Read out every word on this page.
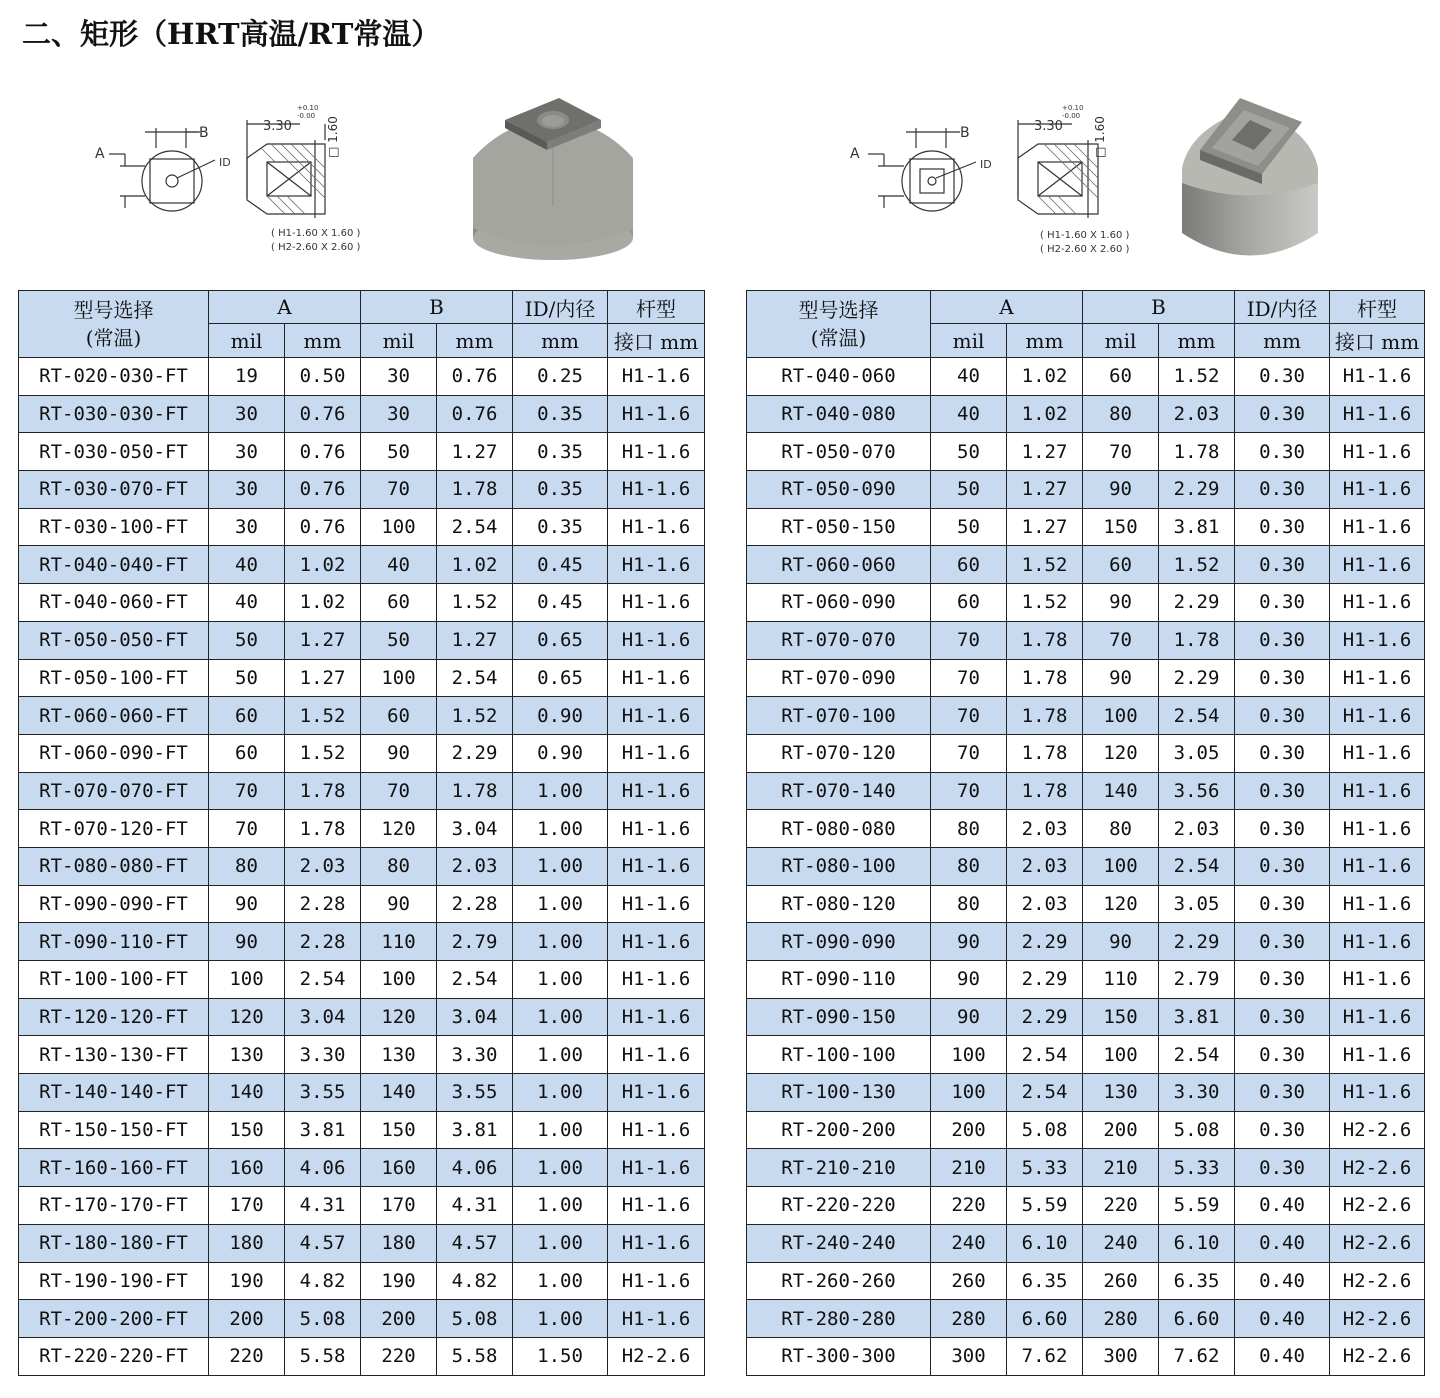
二、矩形（HRT高温/RT常温）
A
B
ID
3.30
+0.10
-0.00
□ 1.60
( H1-1.60 X 1.60 )
( H2-2.60 X 2.60 )
A
B
ID
3.30
+0.10
-0.00
□ 1.60
( H1-1.60 X 1.60 )
( H2-2.60 X 2.60 )
型号选择
(常温)	A		B		ID/内径	杆型
	mil	mm	mil	mm	mm	接口 mm
RT-020-030-FT	19	0.50	30	0.76	0.25	H1-1.6
RT-030-030-FT	30	0.76	30	0.76	0.35	H1-1.6
RT-030-050-FT	30	0.76	50	1.27	0.35	H1-1.6
RT-030-070-FT	30	0.76	70	1.78	0.35	H1-1.6
RT-030-100-FT	30	0.76	100	2.54	0.35	H1-1.6
RT-040-040-FT	40	1.02	40	1.02	0.45	H1-1.6
RT-040-060-FT	40	1.02	60	1.52	0.45	H1-1.6
RT-050-050-FT	50	1.27	50	1.27	0.65	H1-1.6
RT-050-100-FT	50	1.27	100	2.54	0.65	H1-1.6
RT-060-060-FT	60	1.52	60	1.52	0.90	H1-1.6
RT-060-090-FT	60	1.52	90	2.29	0.90	H1-1.6
RT-070-070-FT	70	1.78	70	1.78	1.00	H1-1.6
RT-070-120-FT	70	1.78	120	3.04	1.00	H1-1.6
RT-080-080-FT	80	2.03	80	2.03	1.00	H1-1.6
RT-090-090-FT	90	2.28	90	2.28	1.00	H1-1.6
RT-090-110-FT	90	2.28	110	2.79	1.00	H1-1.6
RT-100-100-FT	100	2.54	100	2.54	1.00	H1-1.6
RT-120-120-FT	120	3.04	120	3.04	1.00	H1-1.6
RT-130-130-FT	130	3.30	130	3.30	1.00	H1-1.6
RT-140-140-FT	140	3.55	140	3.55	1.00	H1-1.6
RT-150-150-FT	150	3.81	150	3.81	1.00	H1-1.6
RT-160-160-FT	160	4.06	160	4.06	1.00	H1-1.6
RT-170-170-FT	170	4.31	170	4.31	1.00	H1-1.6
RT-180-180-FT	180	4.57	180	4.57	1.00	H1-1.6
RT-190-190-FT	190	4.82	190	4.82	1.00	H1-1.6
RT-200-200-FT	200	5.08	200	5.08	1.00	H1-1.6
RT-220-220-FT	220	5.58	220	5.58	1.50	H2-2.6
型号选择
(常温)	A		B		ID/内径	杆型
	mil	mm	mil	mm	mm	接口 mm
RT-040-060	40	1.02	60	1.52	0.30	H1-1.6
RT-040-080	40	1.02	80	2.03	0.30	H1-1.6
RT-050-070	50	1.27	70	1.78	0.30	H1-1.6
RT-050-090	50	1.27	90	2.29	0.30	H1-1.6
RT-050-150	50	1.27	150	3.81	0.30	H1-1.6
RT-060-060	60	1.52	60	1.52	0.30	H1-1.6
RT-060-090	60	1.52	90	2.29	0.30	H1-1.6
RT-070-070	70	1.78	70	1.78	0.30	H1-1.6
RT-070-090	70	1.78	90	2.29	0.30	H1-1.6
RT-070-100	70	1.78	100	2.54	0.30	H1-1.6
RT-070-120	70	1.78	120	3.05	0.30	H1-1.6
RT-070-140	70	1.78	140	3.56	0.30	H1-1.6
RT-080-080	80	2.03	80	2.03	0.30	H1-1.6
RT-080-100	80	2.03	100	2.54	0.30	H1-1.6
RT-080-120	80	2.03	120	3.05	0.30	H1-1.6
RT-090-090	90	2.29	90	2.29	0.30	H1-1.6
RT-090-110	90	2.29	110	2.79	0.30	H1-1.6
RT-090-150	90	2.29	150	3.81	0.30	H1-1.6
RT-100-100	100	2.54	100	2.54	0.30	H1-1.6
RT-100-130	100	2.54	130	3.30	0.30	H1-1.6
RT-200-200	200	5.08	200	5.08	0.30	H2-2.6
RT-210-210	210	5.33	210	5.33	0.30	H2-2.6
RT-220-220	220	5.59	220	5.59	0.40	H2-2.6
RT-240-240	240	6.10	240	6.10	0.40	H2-2.6
RT-260-260	260	6.35	260	6.35	0.40	H2-2.6
RT-280-280	280	6.60	280	6.60	0.40	H2-2.6
RT-300-300	300	7.62	300	7.62	0.40	H2-2.6
